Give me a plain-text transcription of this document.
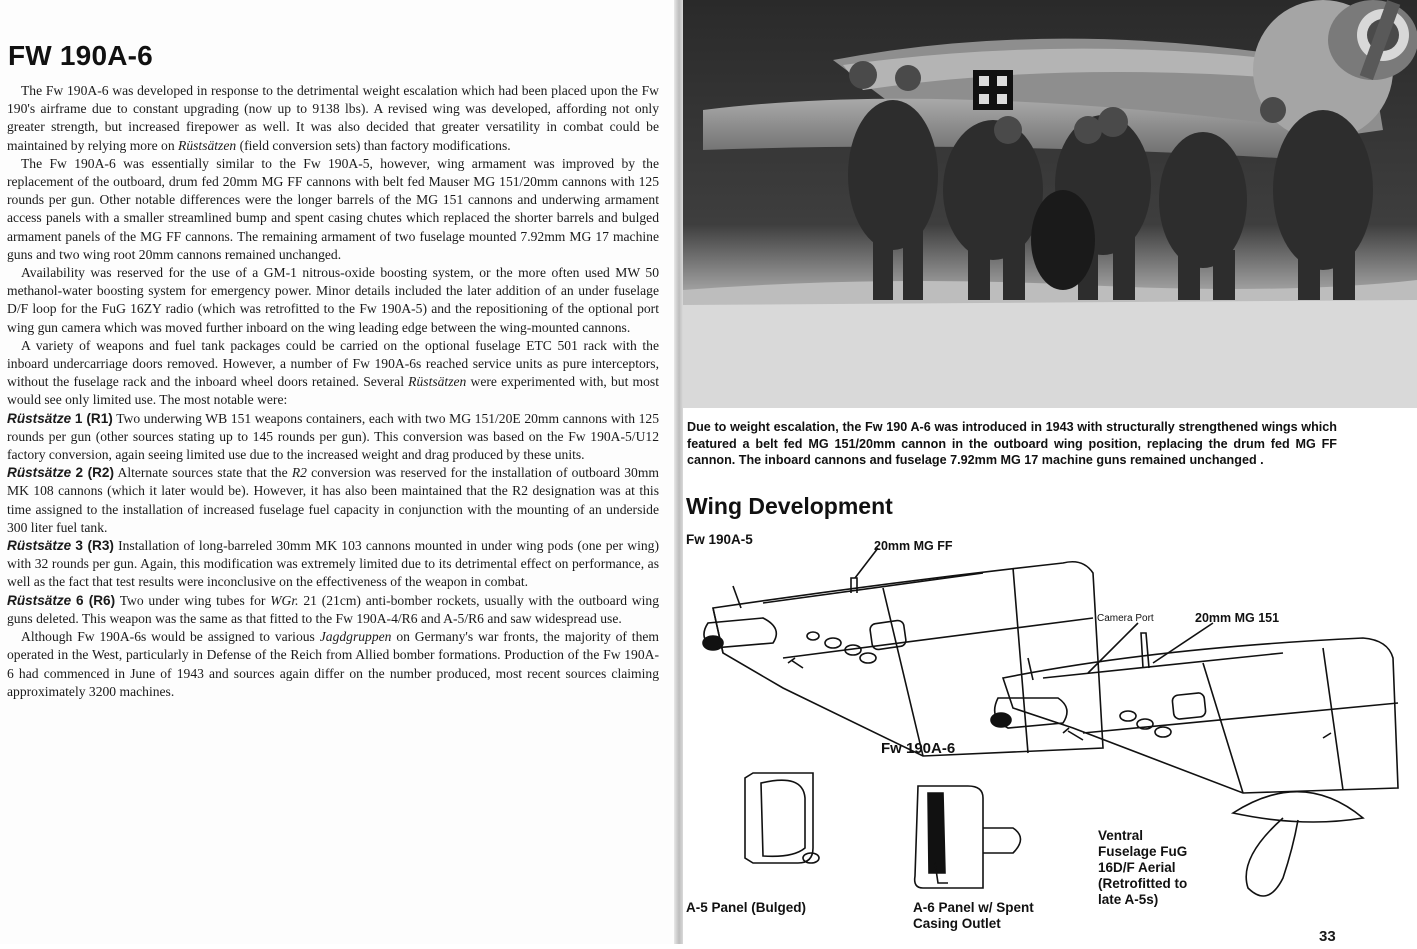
FW 190A-6

The Fw 190A-6 was developed in response to the detrimental weight escalation which had been placed upon the Fw 190's airframe due to constant upgrading (now up to 9138 lbs). A revised wing was developed, affording not only greater strength, but increased firepower as well. It was also decided that greater versatility in combat could be maintained by relying more on Rüstsätzen (field conversion sets) than factory modifications.

The Fw 190A-6 was essentially similar to the Fw 190A-5, however, wing armament was improved by the replacement of the outboard, drum fed 20mm MG FF cannons with belt fed Mauser MG 151/20mm cannons with 125 rounds per gun. Other notable differences were the longer barrels of the MG 151 cannons and underwing armament access panels with a smaller streamlined bump and spent casing chutes which replaced the shorter barrels and bulged armament panels of the MG FF cannons. The remaining armament of two fuselage mounted 7.92mm MG 17 machine guns and two wing root 20mm cannons remained unchanged.

Availability was reserved for the use of a GM-1 nitrous-oxide boosting system, or the more often used MW 50 methanol-water boosting system for emergency power. Minor details included the later addition of an under fuselage D/F loop for the FuG 16ZY radio (which was retrofitted to the Fw 190A-5) and the repositioning of the optional port wing gun camera which was moved further inboard on the wing leading edge between the wing-mounted cannons.

A variety of weapons and fuel tank packages could be carried on the optional fuselage ETC 501 rack with the inboard undercarriage doors removed. However, a number of Fw 190A-6s reached service units as pure interceptors, without the fuselage rack and the inboard wheel doors retained. Several Rüstsätzen were experimented with, but most would see only limited use. The most notable were:

Rüstsätze 1 (R1) Two underwing WB 151 weapons containers, each with two MG 151/20E 20mm cannons with 125 rounds per gun (other sources stating up to 145 rounds per gun). This conversion was based on the Fw 190A-5/U12 factory conversion, again seeing limited use due to the increased weight and drag produced by these units.

Rüstsätze 2 (R2) Alternate sources state that the R2 conversion was reserved for the installation of outboard 30mm MK 108 cannons (which it later would be). However, it has also been maintained that the R2 designation was at this time assigned to the installation of increased fuselage fuel capacity in conjunction with the mounting of an underside 300 liter fuel tank.

Rüstsätze 3 (R3) Installation of long-barreled 30mm MK 103 cannons mounted in under wing pods (one per wing) with 32 rounds per gun. Again, this modification was extremely limited due to its detrimental effect on performance, as well as the fact that test results were inconclusive on the effectiveness of the weapon in combat.

Rüstsätze 6 (R6) Two under wing tubes for WGr. 21 (21cm) anti-bomber rockets, usually with the outboard wing guns deleted. This weapon was the same as that fitted to the Fw 190A-4/R6 and A-5/R6 and saw widespread use.

Although Fw 190A-6s would be assigned to various Jagdgruppen on Germany's war fronts, the majority of them operated in the West, particularly in Defense of the Reich from Allied bomber formations. Production of the Fw 190A-6 had commenced in June of 1943 and sources again differ on the number produced, most recent sources claiming approximately 3200 machines.

Due to weight escalation, the Fw 190 A-6 was introduced in 1943 with structurally strengthened wings which featured a belt fed MG 151/20mm cannon in the outboard wing position, replacing the drum fed MG FF cannon. The inboard cannons and fuselage 7.92mm MG 17 machine guns remained unchanged .
Wing Development
Fw 190A-5	20mm MG FF
Camera Port	20mm MG 151
Fw 190A-6
A-5 Panel (Bulged)	A-6 Panel w/ Spent
Casing Outlet
Ventral
Fuselage FuG
16D/F Aerial
(Retrofitted to
late A-5s)
33
